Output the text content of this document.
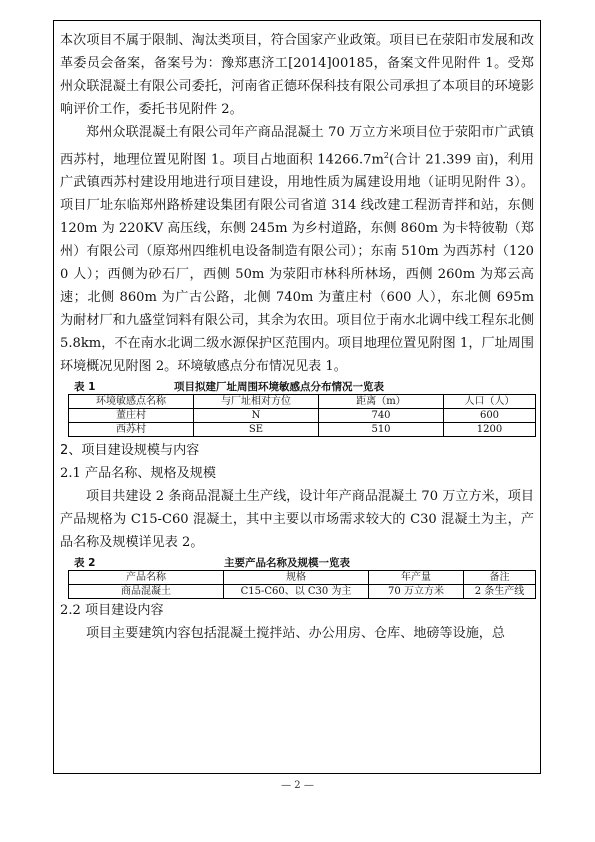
本次项目不属于限制、淘汰类项目，符合国家产业政策。项目已在荥阳市发展和改革委员会备案，备案号为：豫郑惠济工[2014]00185，备案文件见附件 1。受郑州众联混凝土有限公司委托，河南省正德环保科技有限公司承担了本项目的环境影响评价工作，委托书见附件 2。

郑州众联混凝土有限公司年产商品混凝土 70 万立方米项目位于荥阳市广武镇西苏村，地理位置见附图 1。项目占地面积 $14266.7m^2$(合计 21.399 亩)，利用广武镇西苏村建设用地进行项目建设，用地性质为属建设用地（证明见附件 3）。项目厂址东临郑州路桥建设集团有限公司省道 314 线改建工程沥青拌和站，东侧 120m 为 220KV 高压线，东侧 245m 为乡村道路，东侧 860m 为卡特彼勒（郑州）有限公司（原郑州四维机电设备制造有限公司）；东南 510m 为西苏村（1200 人）；西侧为砂石厂，西侧 50m 为荥阳市林科所林场，西侧 260m 为郑云高速；北侧 860m 为广古公路，北侧 740m 为董庄村（600 人），东北侧 695m 为耐材厂和九盛堂饲料有限公司，其余为农田。项目位于南水北调中线工程东北侧 5.8km，不在南水北调二级水源保护区范围内。项目地理位置见附图 1，厂址周围环境概况见附图 2。环境敏感点分布情况见表 1。

表 1	项目拟建厂址周围环境敏感点分布情况一览表
环境敏感点名称	与厂址相对方位	距离（m）	人口（人）
董庄村	N	740	600
西苏村	SE	510	1200

2、项目建设规模与内容

2.1 产品名称、规格及规模

项目共建设 2 条商品混凝土生产线，设计年产商品混凝土 70 万立方米，项目产品规格为 C15-C60 混凝土，其中主要以市场需求较大的 C30 混凝土为主，产品名称及规模详见表 2。

表 2	主要产品名称及规模一览表
产品名称	规格	年产量	备注
商品混凝土	C15-C60、以 C30 为主	70 万立方米	2 条生产线

2.2 项目建设内容

项目主要建筑内容包括混凝土搅拌站、办公用房、仓库、地磅等设施，总

— 2 —
